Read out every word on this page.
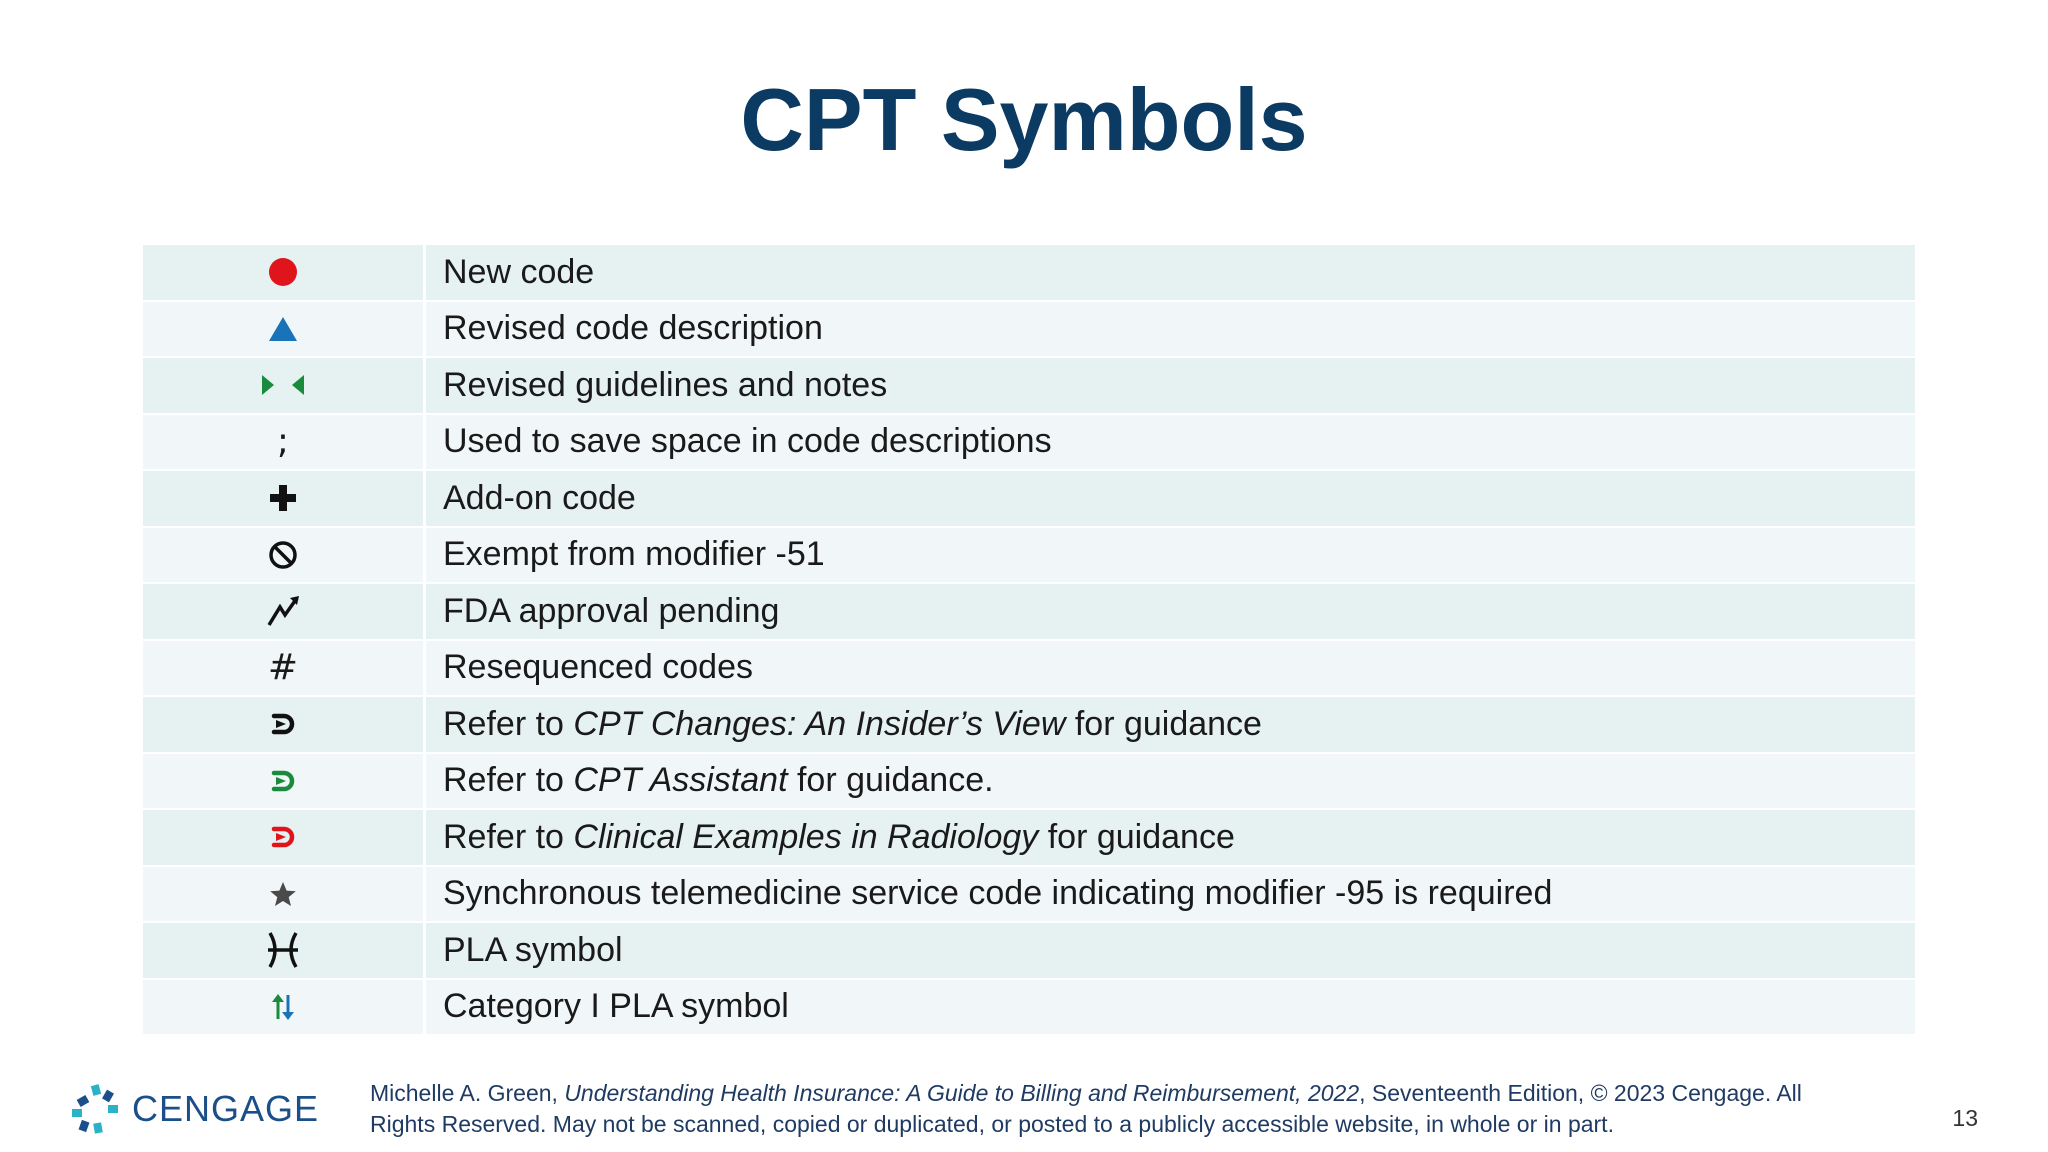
CPT Symbols
	New code
	Revised code description
	Revised guidelines and notes
;	Used to save space in code descriptions
	Add-on code
	Exempt from modifier -51
	FDA approval pending
#	Resequenced codes
	Refer to CPT Changes: An Insider’s View for guidance
	Refer to CPT Assistant for guidance.
	Refer to Clinical Examples in Radiology for guidance
	Synchronous telemedicine service code indicating modifier -95 is required
	PLA symbol
	Category I PLA symbol
CENGAGE Michelle A. Green, Understanding Health Insurance: A Guide to Billing and Reimbursement, 2022, Seventeenth Edition, © 2023 Cengage. All Rights Reserved. May not be scanned, copied or duplicated, or posted to a publicly accessible website, in whole or in part.	13
